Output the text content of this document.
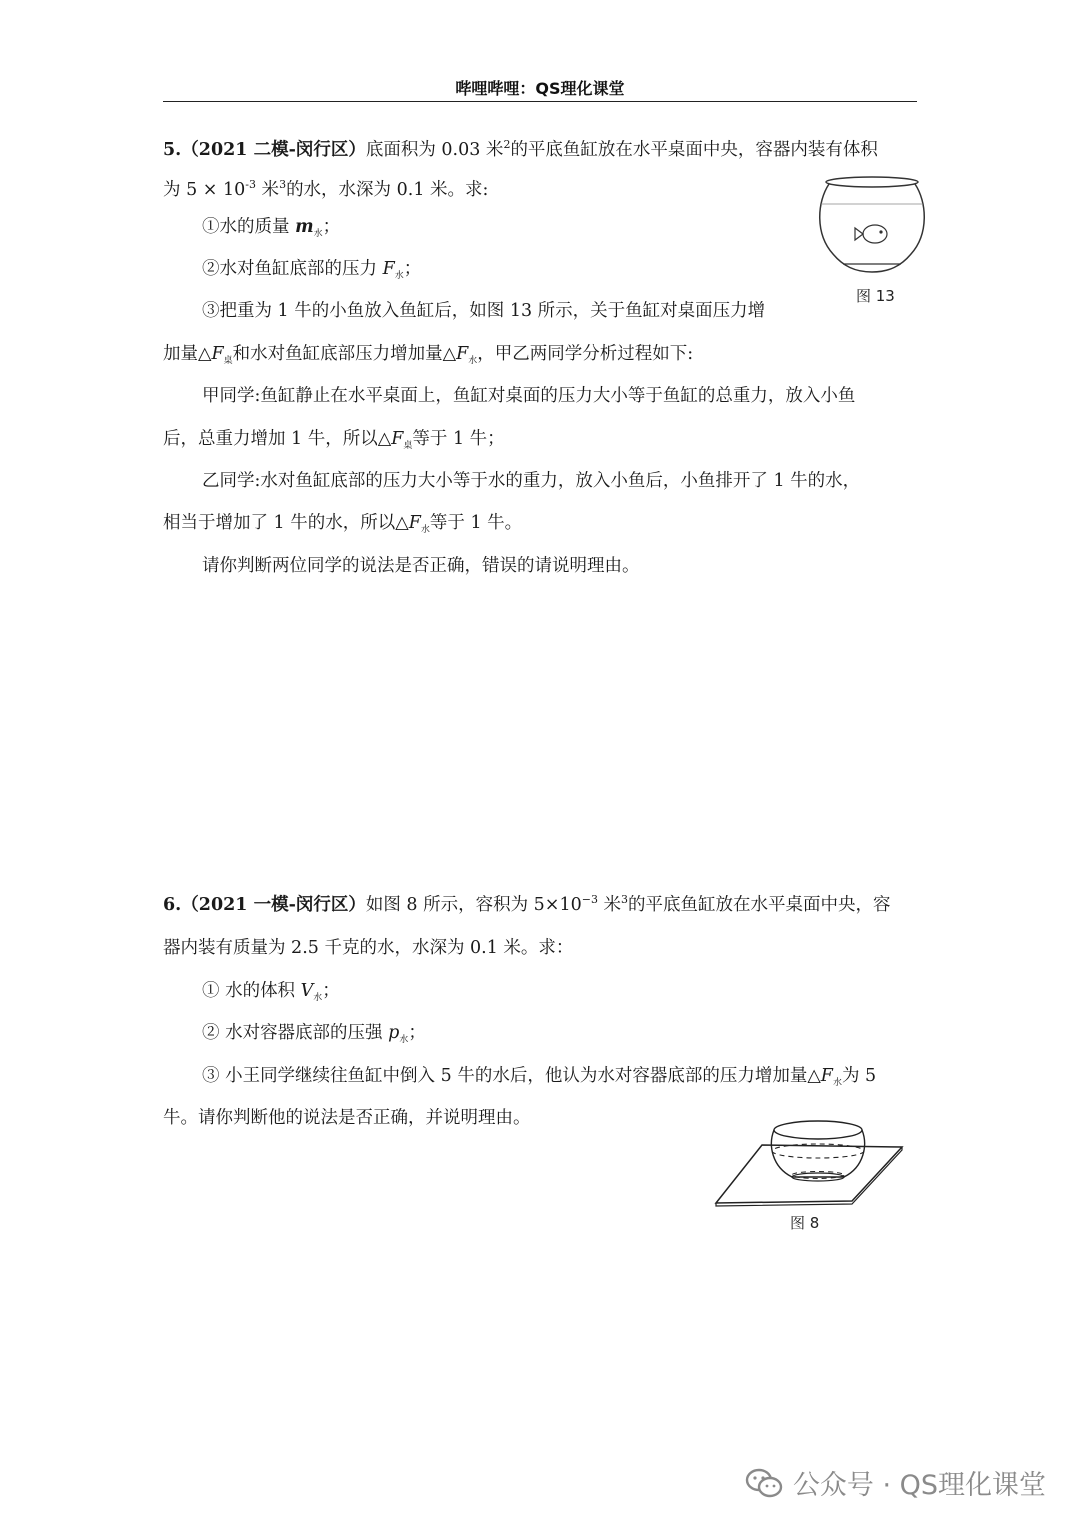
哔哩哔哩：QS理化课堂
5.（2021 二模-闵行区）底面积为 0.03 米$^2$的平底鱼缸放在水平桌面中央，容器内装有体积
为 $5 \times 10^{-3}$ 米$^3$的水，水深为 0.1 米。求:
①水的质量 $m_水$；
②水对鱼缸底部的压力 $F_水$；
③把重为 1 牛的小鱼放入鱼缸后，如图 13 所示，关于鱼缸对桌面压力增
加量$\triangle F_桌$和水对鱼缸底部压力增加量$\triangle F_水$，甲乙两同学分析过程如下:
甲同学:鱼缸静止在水平桌面上，鱼缸对桌面的压力大小等于鱼缸的总重力，放入小鱼
后，总重力增加 1 牛，所以$\triangle F_桌$等于 1 牛；
乙同学:水对鱼缸底部的压力大小等于水的重力，放入小鱼后，小鱼排开了 1 牛的水，
相当于增加了 1 牛的水，所以$\triangle F_水$等于 1 牛。
请你判断两位同学的说法是否正确，错误的请说明理由。
图 13
6.（2021 一模-闵行区）如图 8 所示，容积为 $5\times 10^{-3}$ 米$^3$的平底鱼缸放在水平桌面中央，容
器内装有质量为 2.5 千克的水，水深为 0.1 米。求：
① 水的体积 $V_水$；
② 水对容器底部的压强 $p_水$；
③ 小王同学继续往鱼缸中倒入 5 牛的水后，他认为水对容器底部的压力增加量$\triangle F_水$为 5
牛。请你判断他的说法是否正确，并说明理由。
图 8
公众号 · QS理化课堂
